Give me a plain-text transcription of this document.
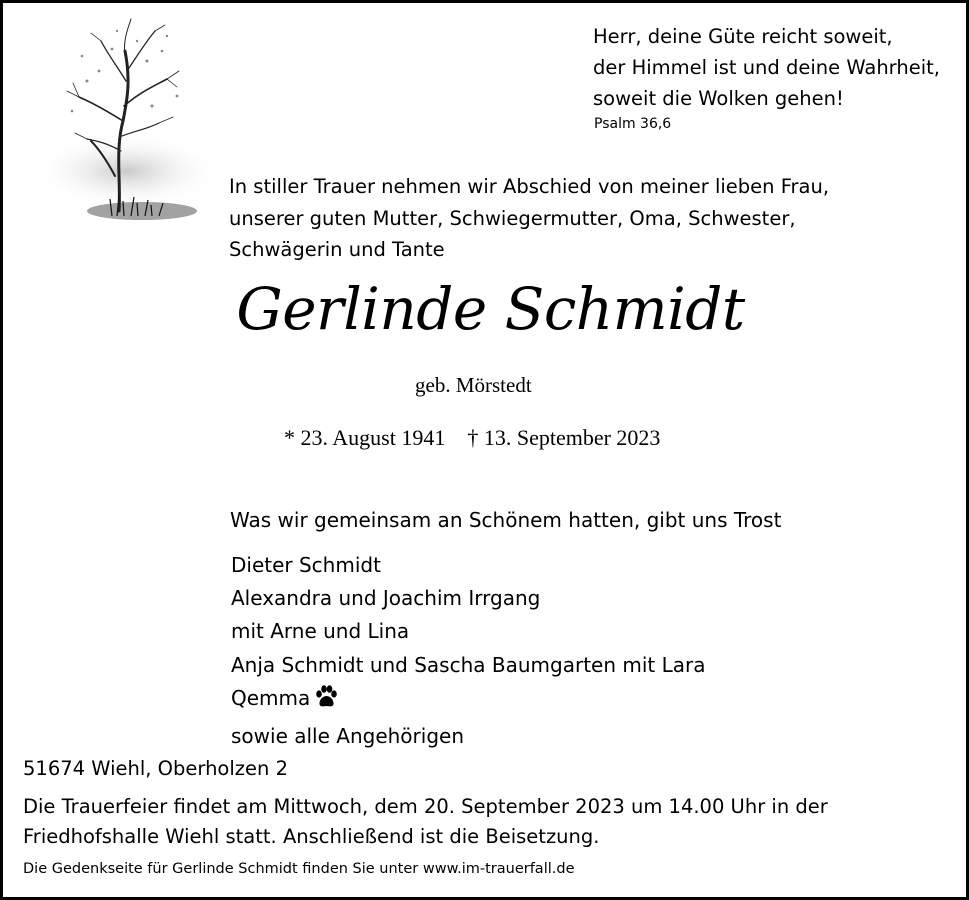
Herr, deine Güte reicht soweit,
der Himmel ist und deine Wahrheit,
soweit die Wolken gehen!
Psalm 36,6
In stiller Trauer nehmen wir Abschied von meiner lieben Frau,
unserer guten Mutter, Schwiegermutter, Oma, Schwester,
Schwägerin und Tante
Gerlinde Schmidt
geb. Mörstedt
* 23. August 1941    † 13. September 2023
Was wir gemeinsam an Schönem hatten, gibt uns Trost
Dieter Schmidt
Alexandra und Joachim Irrgang
mit Arne und Lina
Anja Schmidt und Sascha Baumgarten mit Lara
Qemma
sowie alle Angehörigen
51674 Wiehl, Oberholzen 2
Die Trauerfeier findet am Mittwoch, dem 20. September 2023 um 14.00 Uhr in der
Friedhofshalle Wiehl statt. Anschließend ist die Beisetzung.
Die Gedenkseite für Gerlinde Schmidt finden Sie unter www.im-trauerfall.de
